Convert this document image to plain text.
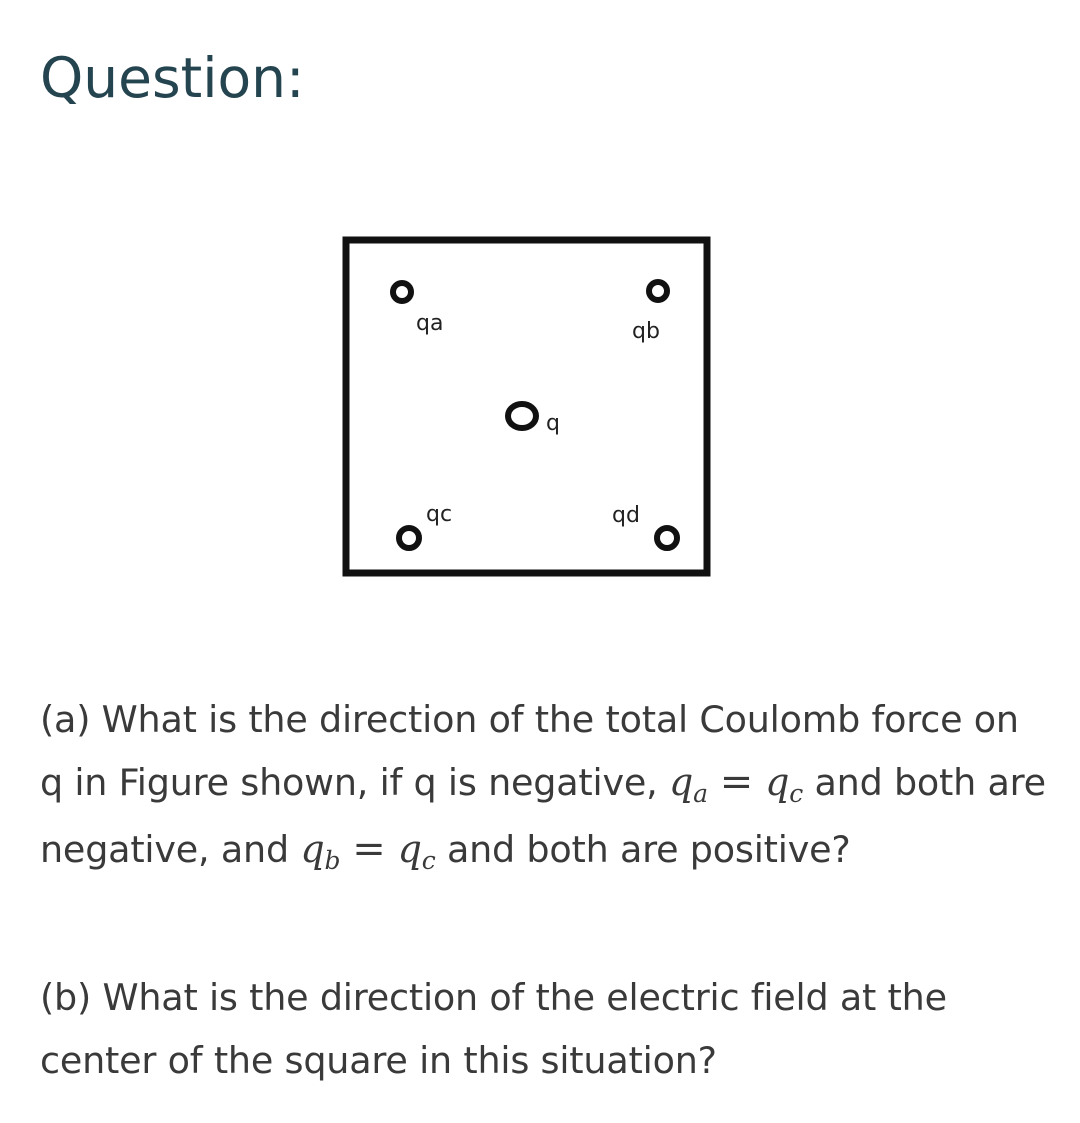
Question:
qa	qb
q
qc	qd

(a) What is the direction of the total Coulomb force on q in Figure shown, if q is negative, qa = qc and both are negative, and qb = qc and both are positive?

(b) What is the direction of the electric field at the center of the square in this situation?
